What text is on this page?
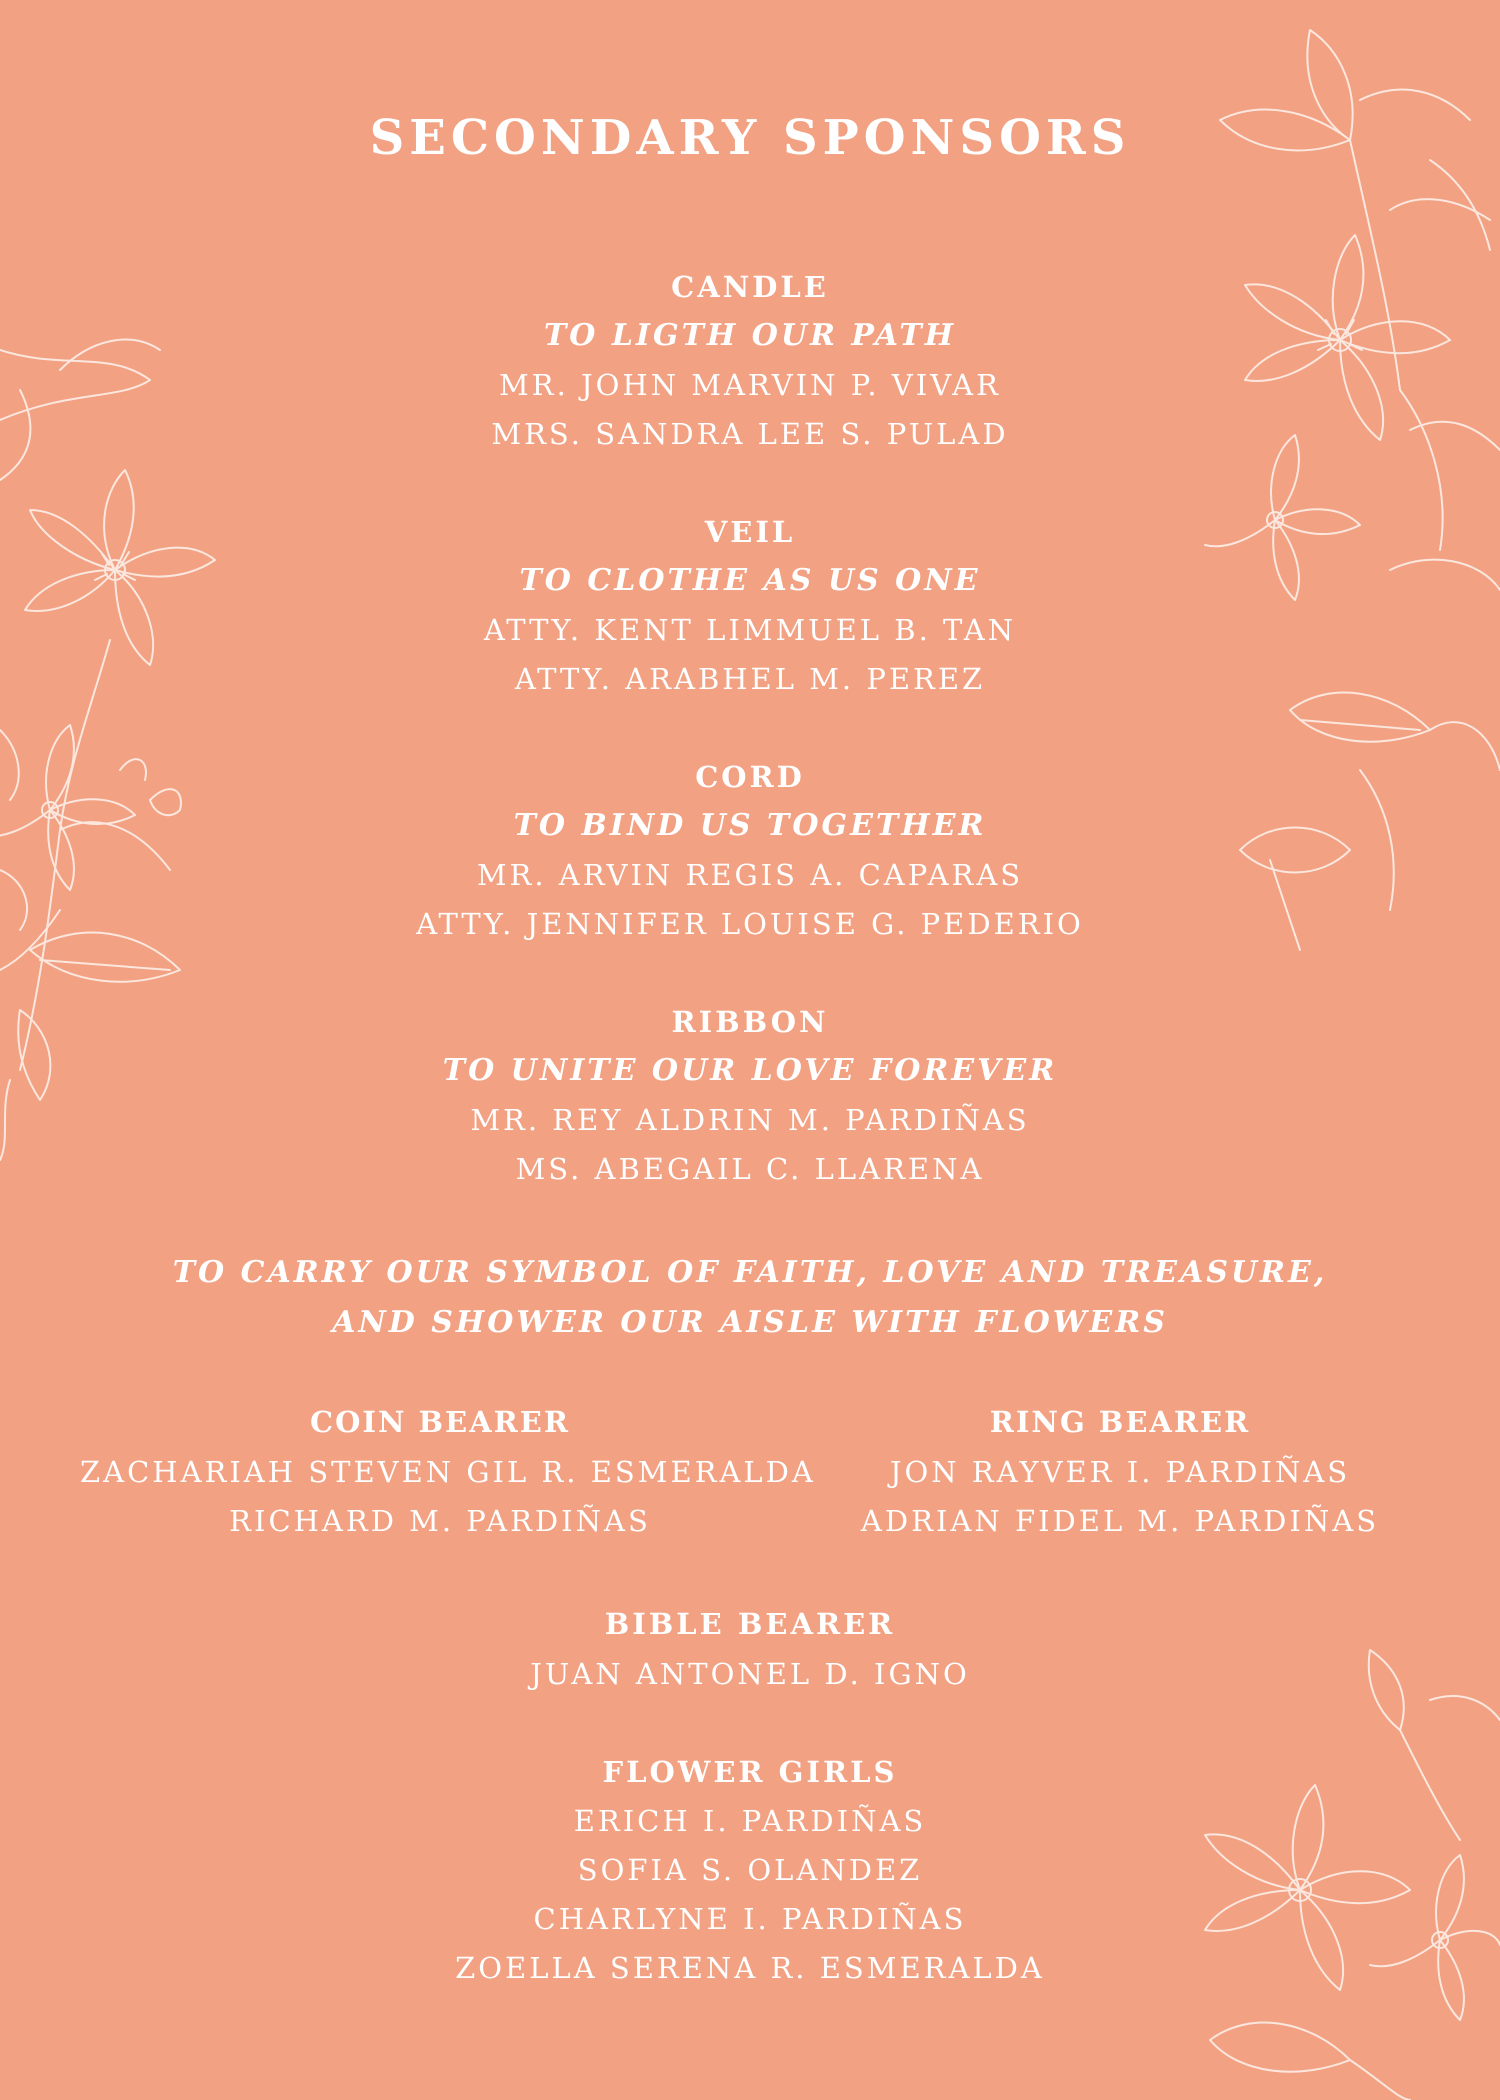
SECONDARY SPONSORS
CANDLE
TO LIGTH OUR PATH
MR. JOHN MARVIN P. VIVAR
MRS. SANDRA LEE S. PULAD
VEIL
TO CLOTHE AS US ONE
ATTY. KENT LIMMUEL B. TAN
ATTY. ARABHEL M. PEREZ
CORD
TO BIND US TOGETHER
MR. ARVIN REGIS A. CAPARAS
ATTY. JENNIFER LOUISE G. PEDERIO
RIBBON
TO UNITE OUR LOVE FOREVER
MR. REY ALDRIN M. PARDIÑAS
MS. ABEGAIL C. LLARENA
TO CARRY OUR SYMBOL OF FAITH, LOVE AND TREASURE,
AND SHOWER OUR AISLE WITH FLOWERS
COIN BEARER
ZACHARIAH STEVEN GIL R. ESMERALDA
RICHARD M. PARDIÑAS
RING BEARER
JON RAYVER I. PARDIÑAS
ADRIAN FIDEL M. PARDIÑAS
BIBLE BEARER
JUAN ANTONEL D. IGNO
FLOWER GIRLS
ERICH I. PARDIÑAS
SOFIA S. OLANDEZ
CHARLYNE I. PARDIÑAS
ZOELLA SERENA R. ESMERALDA
